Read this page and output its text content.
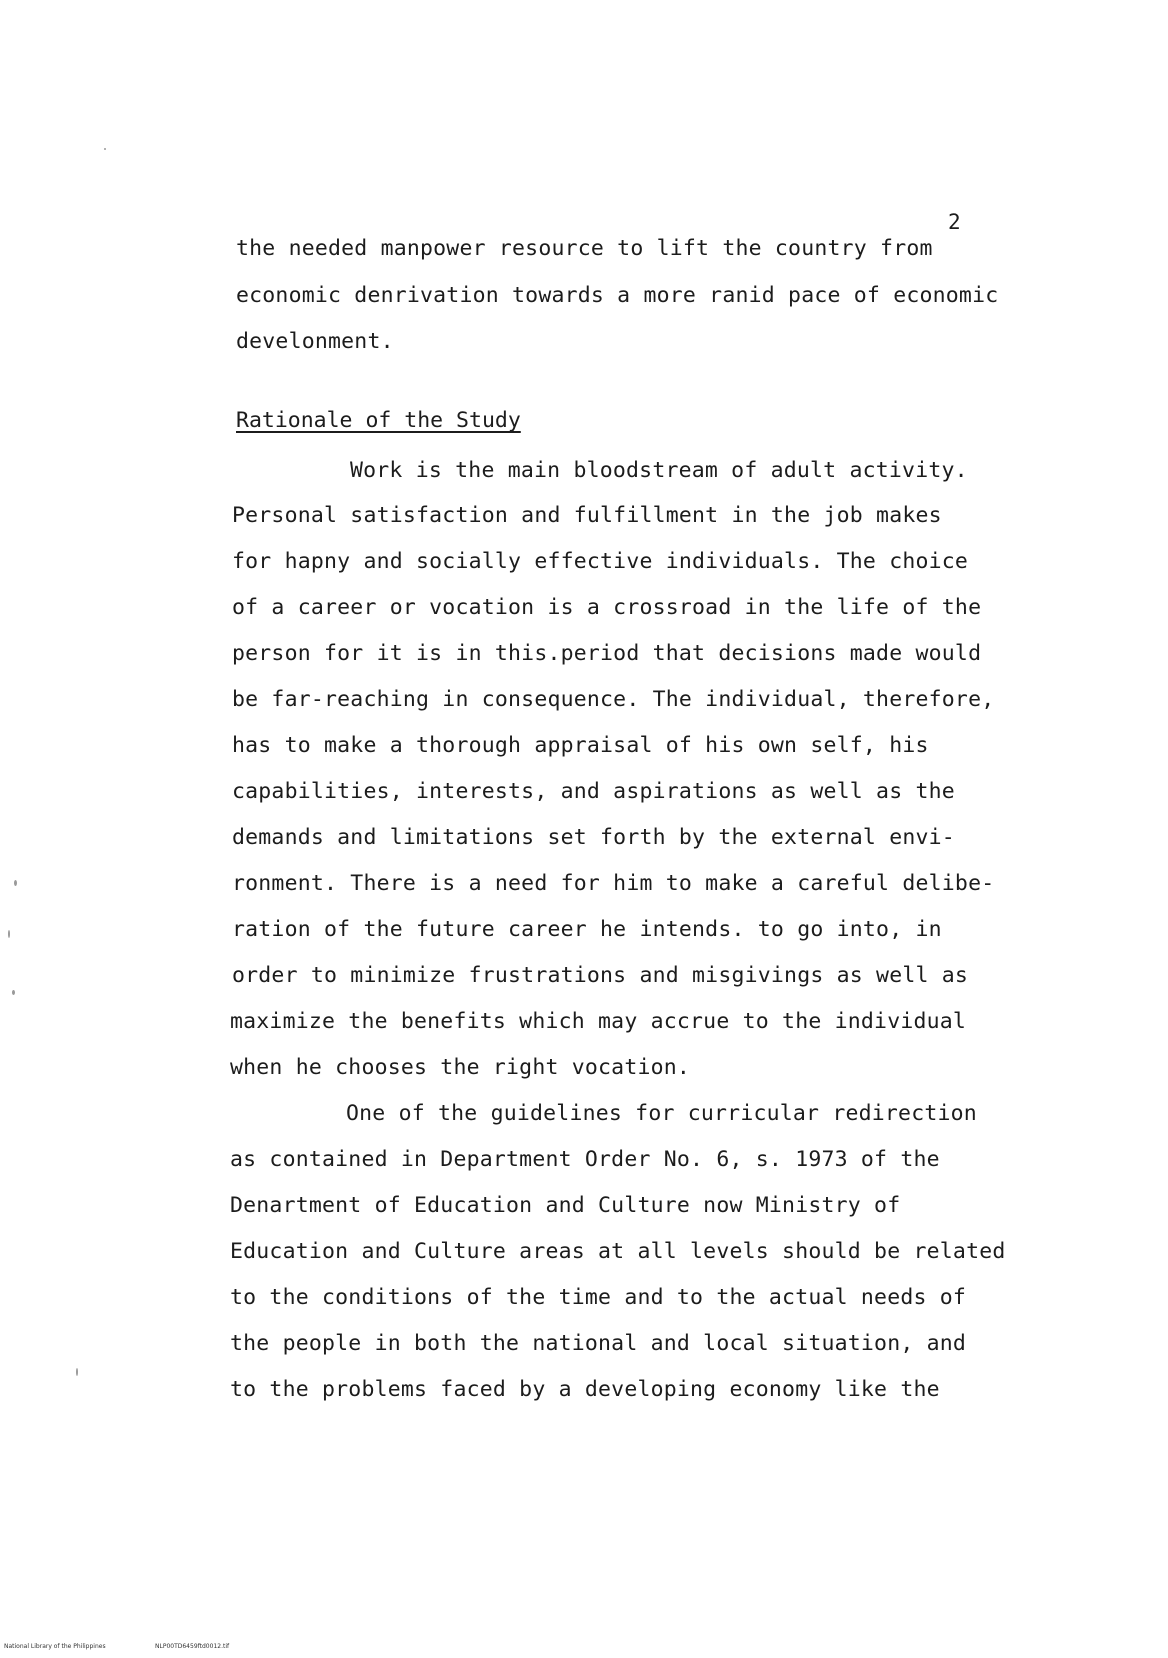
2
the needed manpower resource to lift the country from
economic denrivation towards a more ranid pace of economic
develonment.
Rationale of the Study
Work is the main bloodstream of adult activity.
Personal satisfaction and fulfillment in the job makes
for hapny and socially effective individuals. The choice
of a career or vocation is a crossroad in the life of the
person for it is in this.period that decisions made would
be far-reaching in consequence. The individual, therefore,
has to make a thorough appraisal of his own self, his
capabilities, interests, and aspirations as well as the
demands and limitations set forth by the external envi-
ronment. There is a need for him to make a careful delibe-
ration of the future career he intends. to go into, in
order to minimize frustrations and misgivings as well as
maximize the benefits which may accrue to the individual
when he chooses the right vocation.
One of the guidelines for curricular redirection
as contained in Department Order No. 6, s. 1973 of the
Denartment of Education and Culture now Ministry of
Education and Culture areas at all levels should be related
to the conditions of the time and to the actual needs of
the people in both the national and local situation, and
to the problems faced by a developing economy like the
National Library of the Philippines	NLP00TD6459ftd0012.tif
